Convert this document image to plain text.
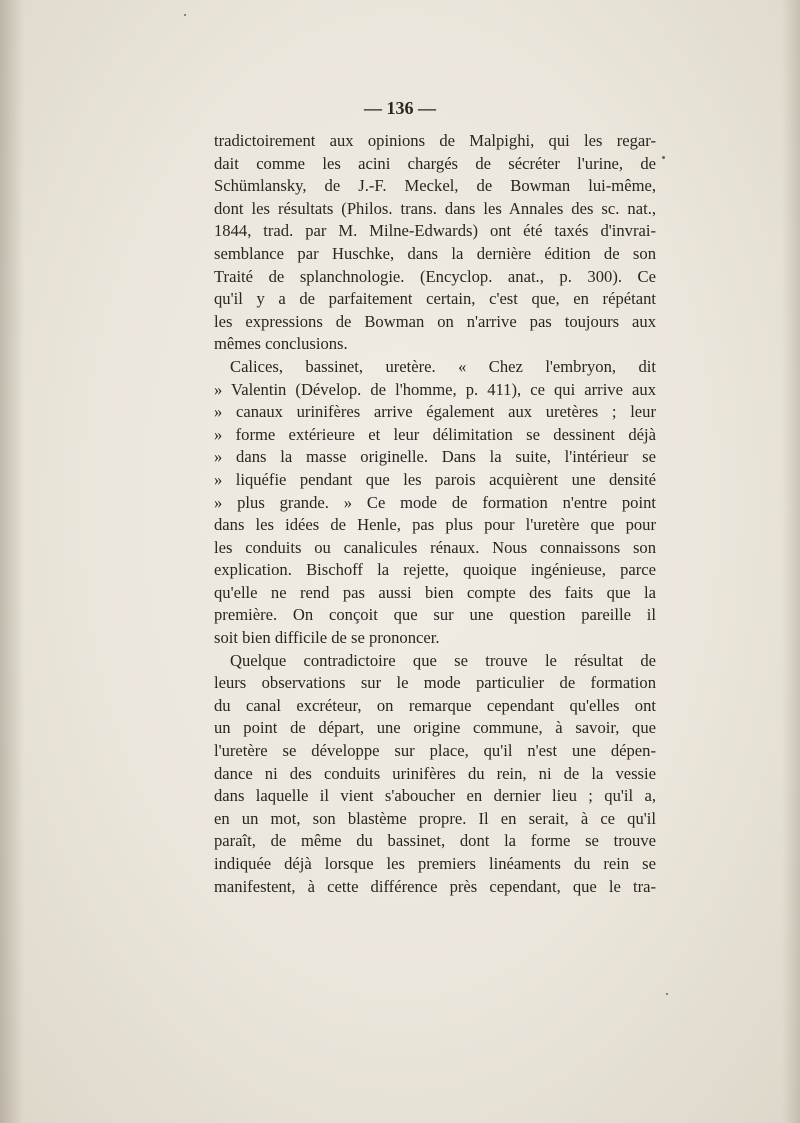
— 136 —
tradictoirement aux opinions de Malpighi, qui les regar-
dait comme les acini chargés de sécréter l'urine, de
Schümlansky, de J.-F. Meckel, de Bowman lui-même,
dont les résultats (Philos. trans. dans les Annales des sc. nat.,
1844, trad. par M. Milne-Edwards) ont été taxés d'invrai-
semblance par Huschke, dans la dernière édition de son
Traité de splanchnologie. (Encyclop. anat., p. 300). Ce
qu'il y a de parfaitement certain, c'est que, en répétant
les expressions de Bowman on n'arrive pas toujours aux
mêmes conclusions.
Calices, bassinet, uretère. « Chez l'embryon, dit
» Valentin (Dévelop. de l'homme, p. 411), ce qui arrive aux
» canaux urinifères arrive également aux uretères ; leur
» forme extérieure et leur délimitation se dessinent déjà
» dans la masse originelle. Dans la suite, l'intérieur se
» liquéfie pendant que les parois acquièrent une densité
» plus grande. » Ce mode de formation n'entre point
dans les idées de Henle, pas plus pour l'uretère que pour
les conduits ou canalicules rénaux. Nous connaissons son
explication. Bischoff la rejette, quoique ingénieuse, parce
qu'elle ne rend pas aussi bien compte des faits que la
première. On conçoit que sur une question pareille il
soit bien difficile de se prononcer.
Quelque contradictoire que se trouve le résultat de
leurs observations sur le mode particulier de formation
du canal excréteur, on remarque cependant qu'elles ont
un point de départ, une origine commune, à savoir, que
l'uretère se développe sur place, qu'il n'est une dépen-
dance ni des conduits urinifères du rein, ni de la vessie
dans laquelle il vient s'aboucher en dernier lieu ; qu'il a,
en un mot, son blastème propre. Il en serait, à ce qu'il
paraît, de même du bassinet, dont la forme se trouve
indiquée déjà lorsque les premiers linéaments du rein se
manifestent, à cette différence près cependant, que le tra-
